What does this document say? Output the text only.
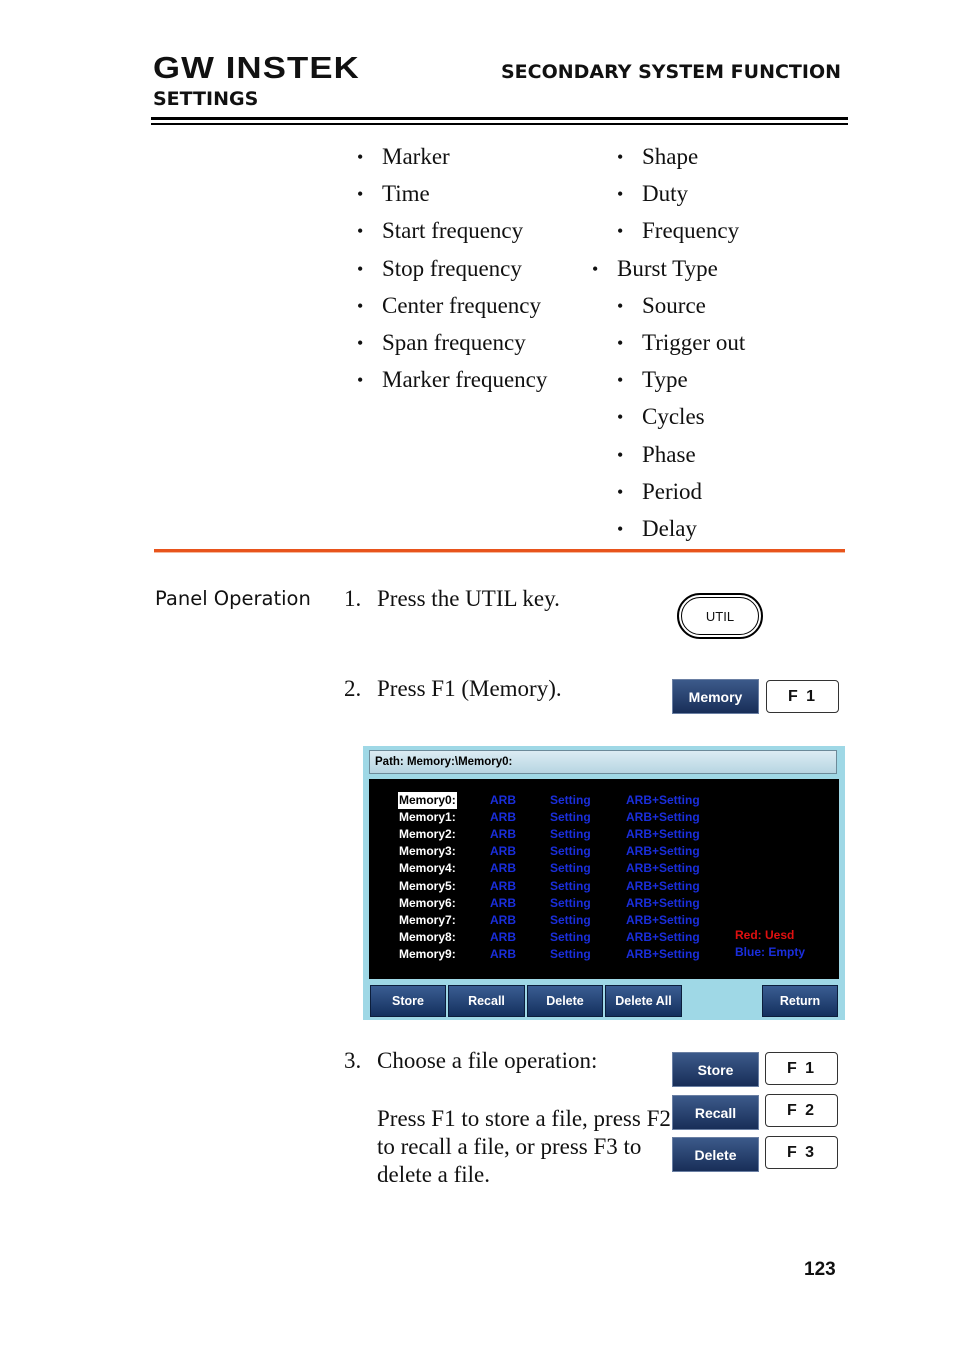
GW INSTEK
SETTINGS
SECONDARY SYSTEM FUNCTION
• Marker
• Time
• Start frequency
• Stop frequency
• Center frequency
• Span frequency
• Marker frequency
• Shape
• Duty
• Frequency
• Burst Type
• Source
• Trigger out
• Type
• Cycles
• Phase
• Period
• Delay
Panel Operation 1. Press the UTIL key.
UTIL
2. Press F1 (Memory).	Memory	F 1
Path: Memory:\Memory0:
Red: Uesd
Blue: Empty
Memory0:	ARB	Setting	ARB+Setting
Memory1:	ARB	Setting	ARB+Setting
Memory2:	ARB	Setting	ARB+Setting
Memory3:	ARB	Setting	ARB+Setting
Memory4:	ARB	Setting	ARB+Setting
Memory5:	ARB	Setting	ARB+Setting
Memory6:	ARB	Setting	ARB+Setting
Memory7:	ARB	Setting	ARB+Setting
Memory8:	ARB	Setting	ARB+Setting
Memory9:	ARB	Setting	ARB+Setting
Store	Recall	Delete	Delete All	Return
3. Choose a file operation:
Press F1 to store a file, press F2 to recall a file, or press F3 to delete a file.
Store	F 1
Recall	F 2
Delete	F 3
123
